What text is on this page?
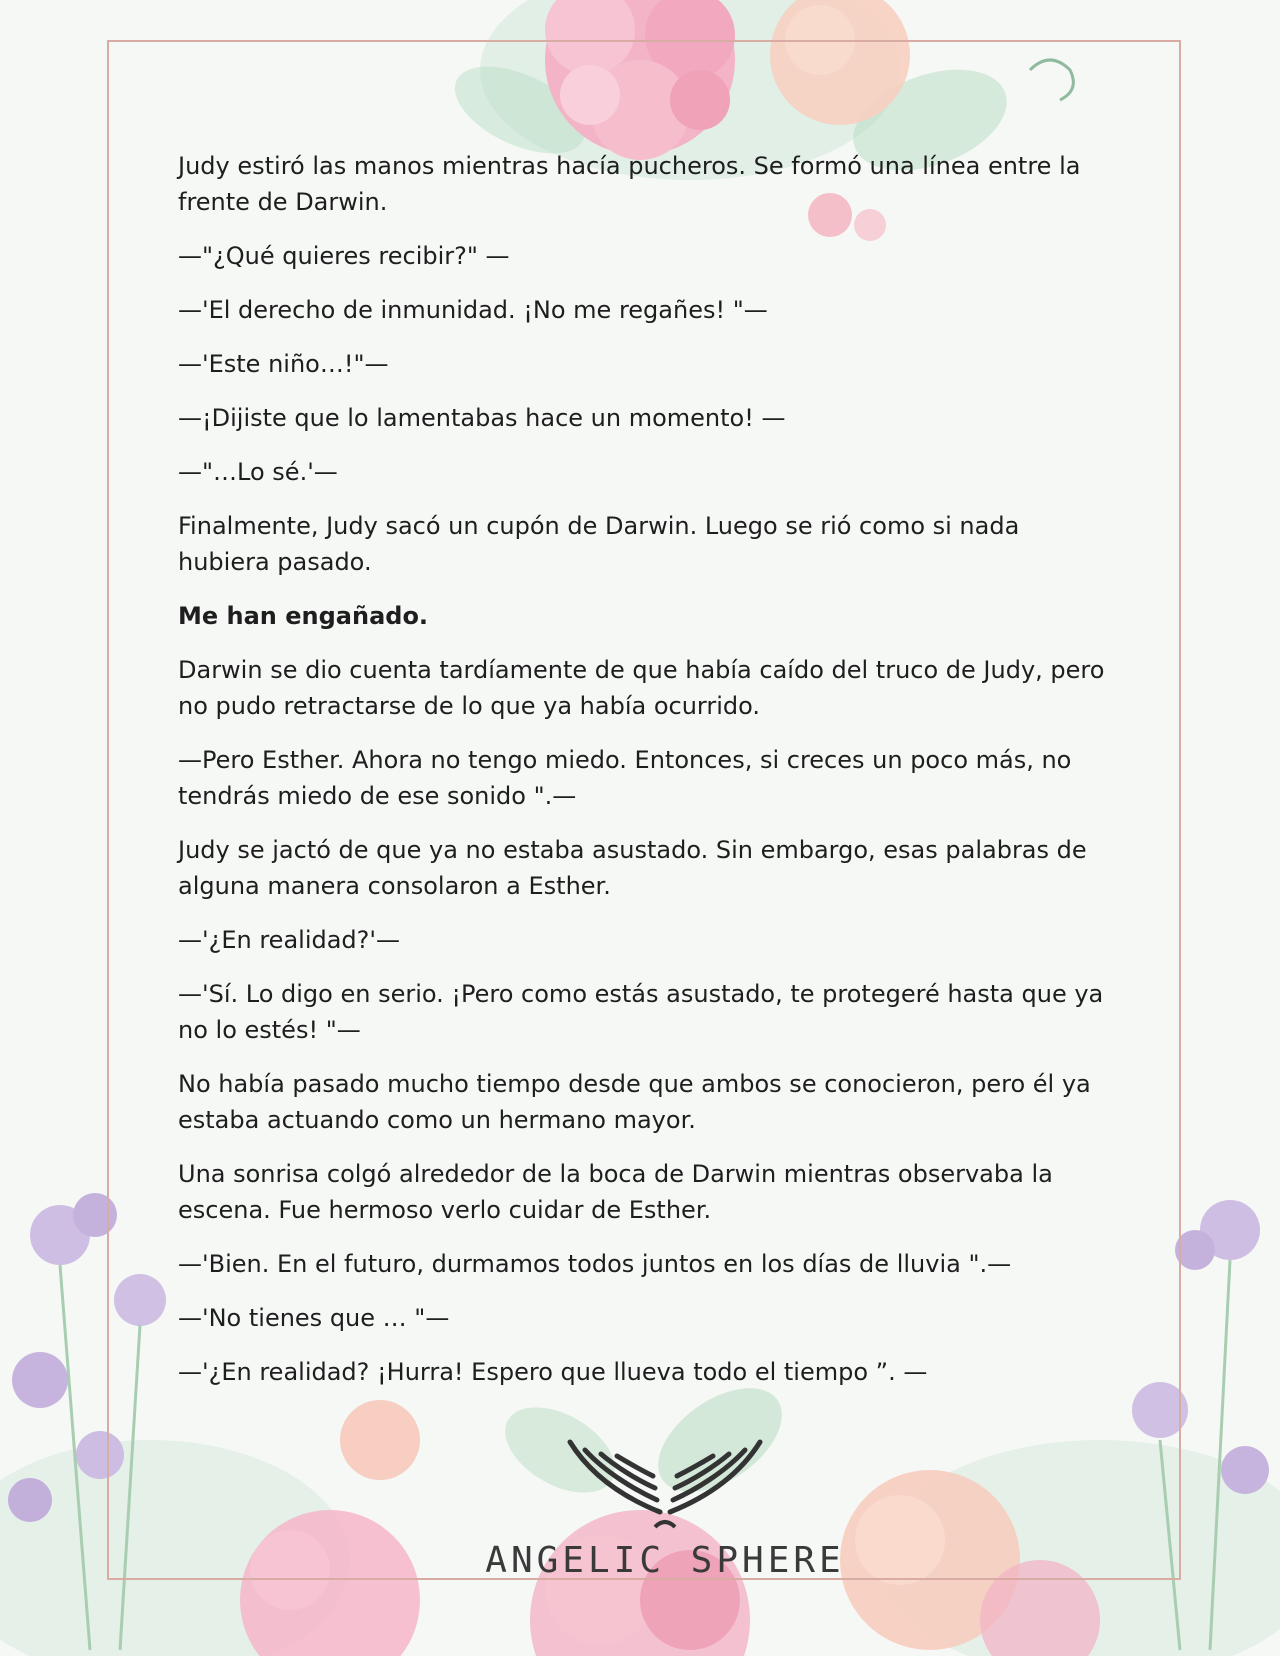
Judy estiró las manos mientras hacía pucheros. Se formó una línea entre la frente de Darwin.

—"¿Qué quieres recibir?" —

—'El derecho de inmunidad. ¡No me regañes! "—

—'Este niño…!"—

—¡Dijiste que lo lamentabas hace un momento! —

—"…Lo sé.'—

Finalmente, Judy sacó un cupón de Darwin. Luego se rió como si nada hubiera pasado.

Me han engañado.

Darwin se dio cuenta tardíamente de que había caído del truco de Judy, pero no pudo retractarse de lo que ya había ocurrido.

—Pero Esther. Ahora no tengo miedo. Entonces, si creces un poco más, no tendrás miedo de ese sonido ".—

Judy se jactó de que ya no estaba asustado. Sin embargo, esas palabras de alguna manera consolaron a Esther.

—'¿En realidad?'—

—'Sí. Lo digo en serio. ¡Pero como estás asustado, te protegeré hasta que ya no lo estés! "—

No había pasado mucho tiempo desde que ambos se conocieron, pero él ya estaba actuando como un hermano mayor.

Una sonrisa colgó alrededor de la boca de Darwin mientras observaba la escena. Fue hermoso verlo cuidar de Esther.

—'Bien. En el futuro, durmamos todos juntos en los días de lluvia ".—

—'No tienes que … "—

—'¿En realidad? ¡Hurra! Espero que llueva todo el tiempo ”. —

ANGELIC SPHERE
